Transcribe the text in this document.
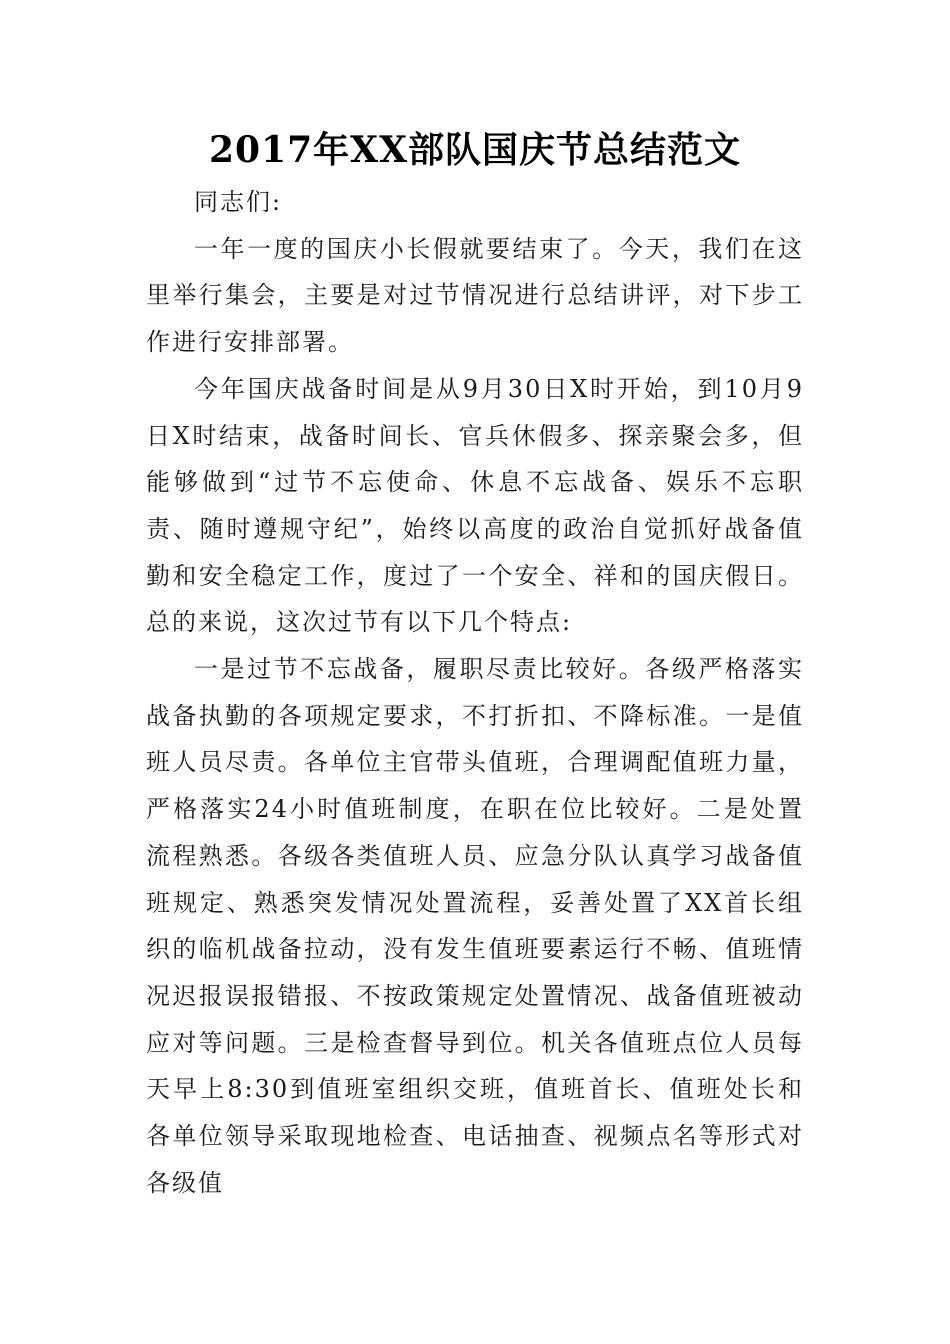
2017年XX部队国庆节总结范文

同志们:

一年一度的国庆小长假就要结束了。今天，我们在这里举行集会，主要是对过节情况进行总结讲评，对下步工作进行安排部署。

今年国庆战备时间是从9月30日X时开始，到10月9日X时结束，战备时间长、官兵休假多、探亲聚会多，但能够做到“过节不忘使命、休息不忘战备、娱乐不忘职责、随时遵规守纪”，始终以高度的政治自觉抓好战备值勤和安全稳定工作，度过了一个安全、祥和的国庆假日。总的来说，这次过节有以下几个特点:

一是过节不忘战备，履职尽责比较好。各级严格落实战备执勤的各项规定要求，不打折扣、不降标准。一是值班人员尽责。各单位主官带头值班，合理调配值班力量，严格落实24小时值班制度，在职在位比较好。二是处置流程熟悉。各级各类值班人员、应急分队认真学习战备值班规定、熟悉突发情况处置流程，妥善处置了XX首长组织的临机战备拉动，没有发生值班要素运行不畅、值班情况迟报误报错报、不按政策规定处置情况、战备值班被动应对等问题。三是检查督导到位。机关各值班点位人员每天早上8:30到值班室组织交班，值班首长、值班处长和各单位领导采取现地检查、电话抽查、视频点名等形式对各级值
